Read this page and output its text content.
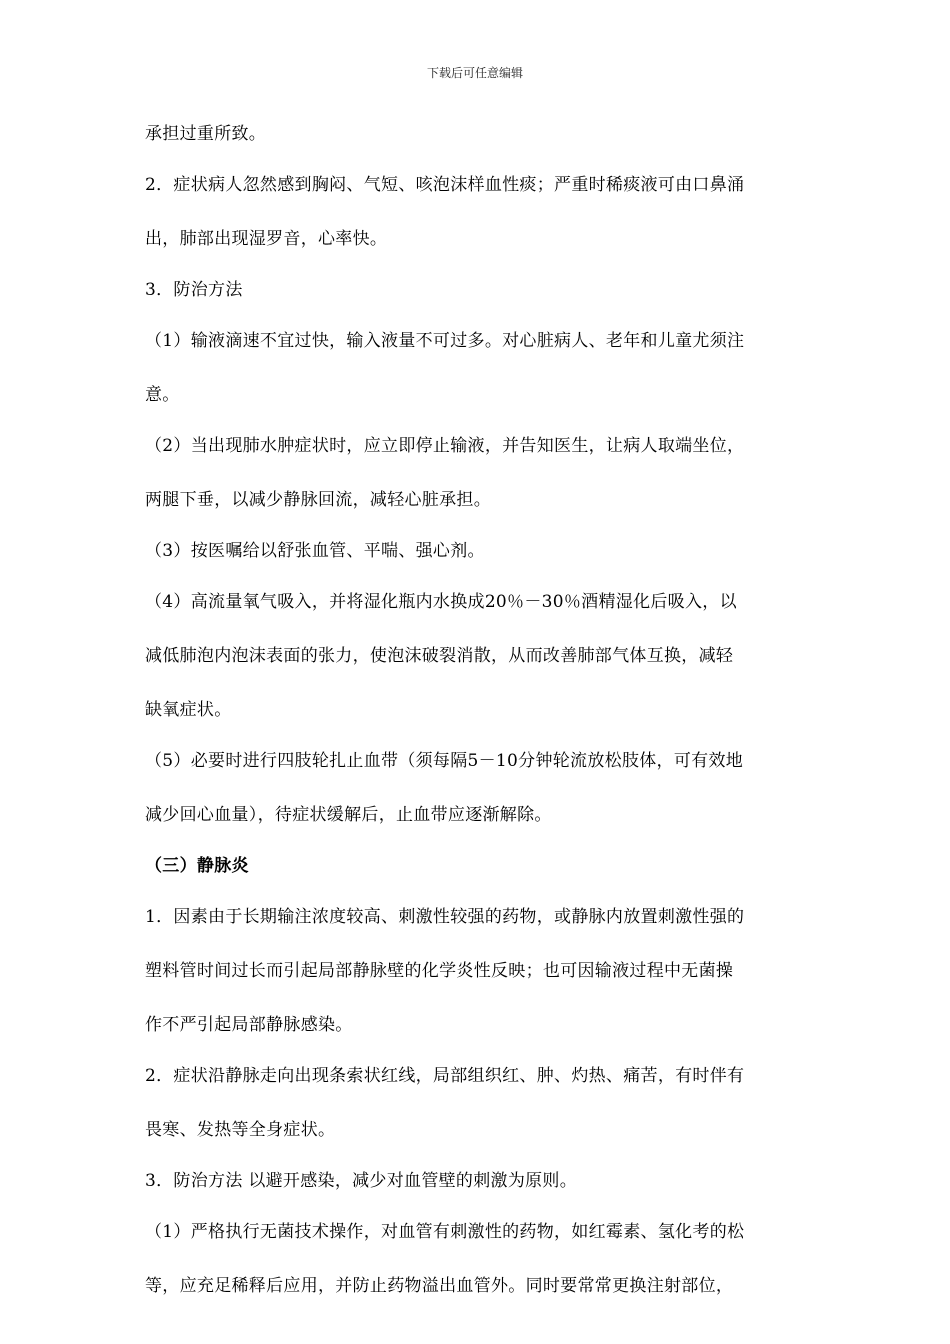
下载后可任意编辑
承担过重所致。
2．症状病人忽然感到胸闷、气短、咳泡沫样血性痰；严重时稀痰液可由口鼻涌
出，肺部出现湿罗音，心率快。
3．防治方法
（1）输液滴速不宜过快，输入液量不可过多。对心脏病人、老年和儿童尤须注
意。
（2）当出现肺水肿症状时，应立即停止输液，并告知医生，让病人取端坐位，
两腿下垂，以减少静脉回流，减轻心脏承担。
（3）按医嘱给以舒张血管、平喘、强心剂。
（4）高流量氧气吸入，并将湿化瓶内水换成20％－30％酒精湿化后吸入，以
减低肺泡内泡沫表面的张力，使泡沫破裂消散，从而改善肺部气体互换，减轻
缺氧症状。
（5）必要时进行四肢轮扎止血带（须每隔5－10分钟轮流放松肢体，可有效地
减少回心血量），待症状缓解后，止血带应逐渐解除。
（三）静脉炎
1．因素由于长期输注浓度较高、刺激性较强的药物，或静脉内放置刺激性强的
塑料管时间过长而引起局部静脉壁的化学炎性反映；也可因输液过程中无菌操
作不严引起局部静脉感染。
2．症状沿静脉走向出现条索状红线，局部组织红、肿、灼热、痛苦，有时伴有
畏寒、发热等全身症状。
3．防治方法 以避开感染，减少对血管壁的刺激为原则。
（1）严格执行无菌技术操作，对血管有刺激性的药物，如红霉素、氢化考的松
等，应充足稀释后应用，并防止药物溢出血管外。同时要常常更换注射部位，
